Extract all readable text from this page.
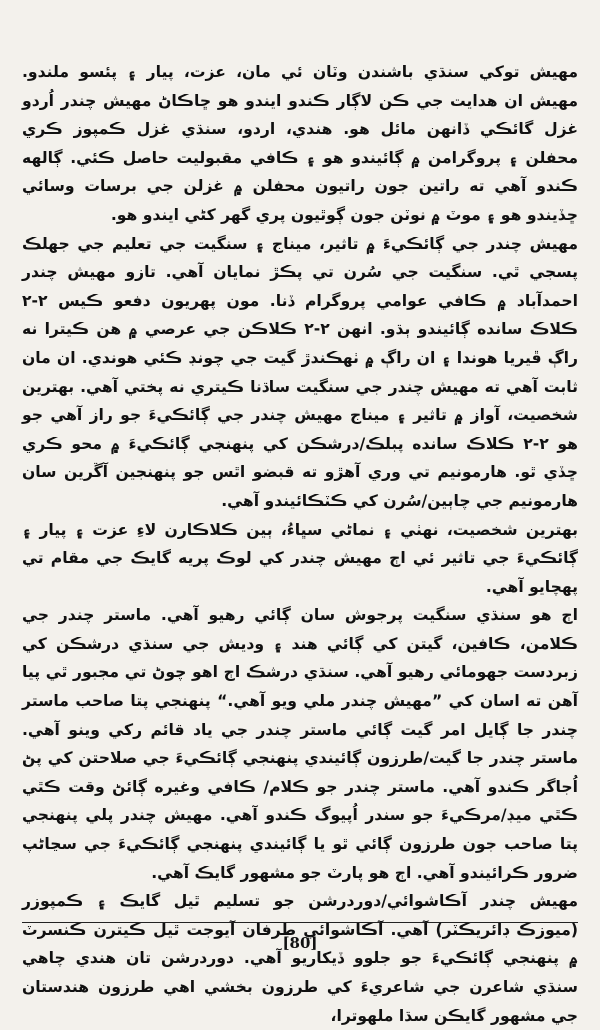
مهيش توکي سنڌي باشندن وٽان ئي مان، عزت، پيار ۽ پئسو ملندو. مهيش ان هدايت جي ڪن لاڳار ڪندو ايندو هو ڇاڪاڻ مهيش چندر اُردو غزل گائڪي ڏانهن مائل هو. هندي، اردو، سنڌي غزل ڪمپوز ڪري محفلن ۽ پروگرامن ۾ ڳائيندو هو ۽ ڪافي مقبوليت حاصل ڪئي. ڳالهه ڪندو آهي ته راتين جون راتيون محفلن ۾ غزلن جي برسات وسائي ڇڏيندو هو ۽ موٽ ۾ نوٽن جون ڳوٿيون پري گهر کڻي ايندو هو.

مهيش چندر جي ڳائڪيءَ ۾ تاثير، ميناج ۽ سنگيت جي تعليم جي جهلڪ پسجي ٿي. سنگيت جي سُرن تي پڪڙ نمايان آهي. تازو مهيش چندر احمدآباد ۾ ڪافي عوامي پروگرام ڏنا. مون پهريون دفعو ڪيس ۲-۲ ڪلاڪ سانده ڳائيندو ٻڌو. انهن ۲-۲ ڪلاڪن جي عرصي ۾ هن ڪيترا نه راڳ ڦيريا هوندا ۽ ان راڳ ۾ ٺهڪندڙ گيت جي چونڊ ڪئي هوندي. ان مان ثابت آهي ته مهيش چندر جي سنگيت ساڌنا ڪيتري نه پختي آهي. بهترين شخصيت، آواز ۾ تاثير ۽ ميناج مهيش چندر جي ڳائڪيءَ جو راز آهي جو هو ۲-۲ ڪلاڪ سانده پبلڪ/درشڪن کي پنهنجي ڳائڪيءَ ۾ محو ڪري ڇڏي ٿو. هارمونيم تي وري آهڙو ته قبضو اٿس جو پنهنجين آڱرين سان هارمونيم جي چاٻين/سُرن کي ڪٽڪائيندو آهي.

بهترين شخصيت، نهٺي ۽ نماڻي سڀاءُ، ٻين ڪلاڪارن لاءِ عزت ۽ پيار ۽ ڳائڪيءَ جي تاثير ئي اڄ مهيش چندر کي لوڪ پريه گايڪ جي مقام تي پهچايو آهي.

اڄ هو سنڌي سنگيت پرجوش سان ڳائي رهيو آهي. ماستر چندر جي ڪلامن، ڪافين، گيتن کي ڳائي هند ۽ وديش جي سنڌي درشڪن کي زبردست جهومائي رهيو آهي. سنڌي درشڪ اڄ اهو چوڻ تي مجبور ٿي پيا آهن ته اسان کي ”مهيش چندر ملي ويو آهي.“ پنهنجي پتا صاحب ماستر چندر جا ڳايل امر گيت ڳائي ماستر چندر جي ياد قائم رکي وينو آهي. ماستر چندر جا گيت/طرزون ڳائيندي پنهنجي ڳائڪيءَ جي صلاحتن کي پڻ اُجاگر ڪندو آهي. ماستر چندر جو ڪلام/ ڪافي وغيره ڳائڻ وقت ڪٿي ڪٿي ميڊ/مرڪيءَ جو سندر اُپيوگ ڪندو آهي. مهيش چندر پلي پنهنجي پتا صاحب جون طرزون ڳائي ٿو يا ڳائيندي پنهنجي ڳائڪيءَ جي سڃاڻپ ضرور ڪرائيندو آهي. اڄ هو پارٽ جو مشهور گايڪ آهي.

مهيش چندر آڪاشوائي/دوردرشن جو تسليم ٿيل گايڪ ۽ ڪمپوزر (ميوزڪ ڊائريڪٽر) آهي. آڪاشوائي طرفان آيوجت ٿيل ڪيترن ڪنسرٽ ۾ پنهنجي ڳائڪيءَ جو جلوو ڏيکاريو آهي. دوردرشن تان هندي چاهي سنڌي شاعرن جي شاعريءَ کي طرزون بخشي اهي طرزون هندستان جي مشهور گايڪن سڌا ملهوترا،

[80]
